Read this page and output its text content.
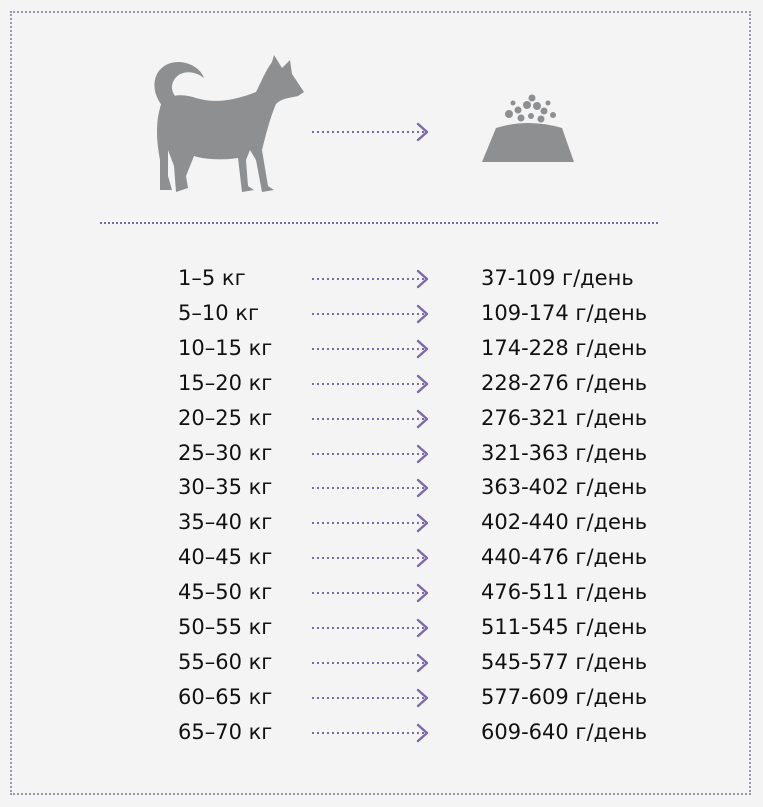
1–5 кг	37-109 г/день
5–10 кг	109-174 г/день
10–15 кг	174-228 г/день
15–20 кг	228-276 г/день
20–25 кг	276-321 г/день
25–30 кг	321-363 г/день
30–35 кг	363-402 г/день
35–40 кг	402-440 г/день
40–45 кг	440-476 г/день
45–50 кг	476-511 г/день
50–55 кг	511-545 г/день
55–60 кг	545-577 г/день
60–65 кг	577-609 г/день
65–70 кг	609-640 г/день
